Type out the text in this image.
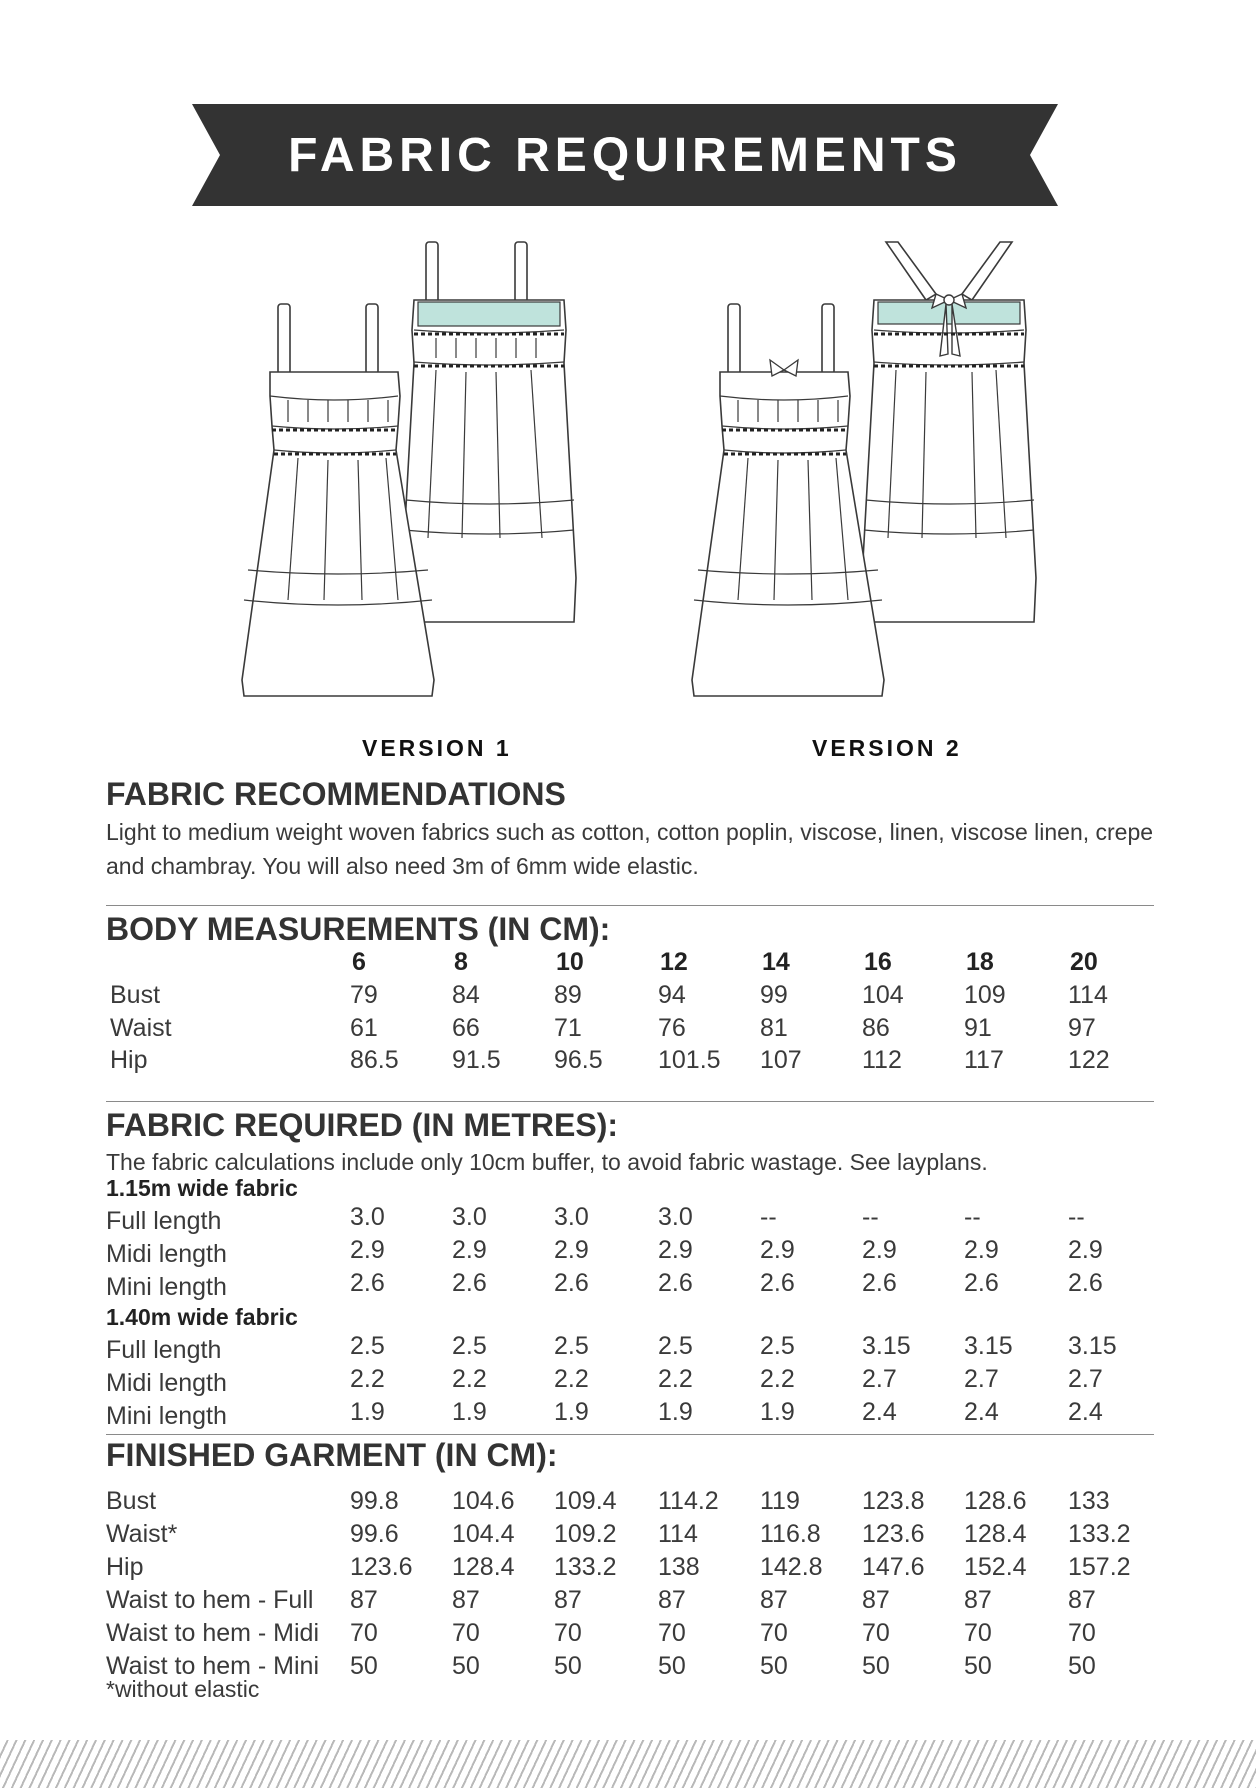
FABRIC REQUIREMENTS
VERSION 1	VERSION 2
FABRIC RECOMMENDATIONS
Light to medium weight woven fabrics such as cotton, cotton poplin, viscose, linen, viscose linen, crepe
and chambray. You will also need 3m of 6mm wide elastic.
BODY MEASUREMENTS (IN CM):
6	8	10	12	14	16	18	20
Bust	79	84	89	94	99	104 109 114
Waist	61	66	71	76	81	86	91	97
Hip	86.5 91.5 96.5 101.5 107 112 117	122
FABRIC REQUIRED (IN METRES):
The fabric calculations include only 10cm buffer, to avoid fabric wastage. See layplans.
1.15m wide fabric
Full length	3.0	3.0	3.0	3.0	--	--	--	--
Midi length	2.9	2.9	2.9	2.9	2.9	2.9	2.9	2.9
Mini length	2.6	2.6	2.6	2.6	2.6	2.6	2.6	2.6
1.40m wide fabric
Full length	2.5	2.5	2.5	2.5	2.5	3.15 3.15 3.15
Midi length	2.2	2.2	2.2	2.2	2.2	2.7	2.7	2.7
Mini length	1.9	1.9	1.9	1.9	1.9	2.4	2.4	2.4
FINISHED GARMENT (IN CM):
Bust	99.8 104.6 109.4 114.2 119 123.8 128.6 133
Waist*	99.6 104.4 109.2 114 116.8 123.6 128.4 133.2
Hip	123.6 128.4 133.2 138 142.8 147.6 152.4 157.2
Waist to hem - Full 87	87	87	87	87	87	87	87
Waist to hem - Midi 70	70	70	70	70	70	70	70
Waist to hem - Mini 50	50	50	50	50	50	50	50
*without elastic
